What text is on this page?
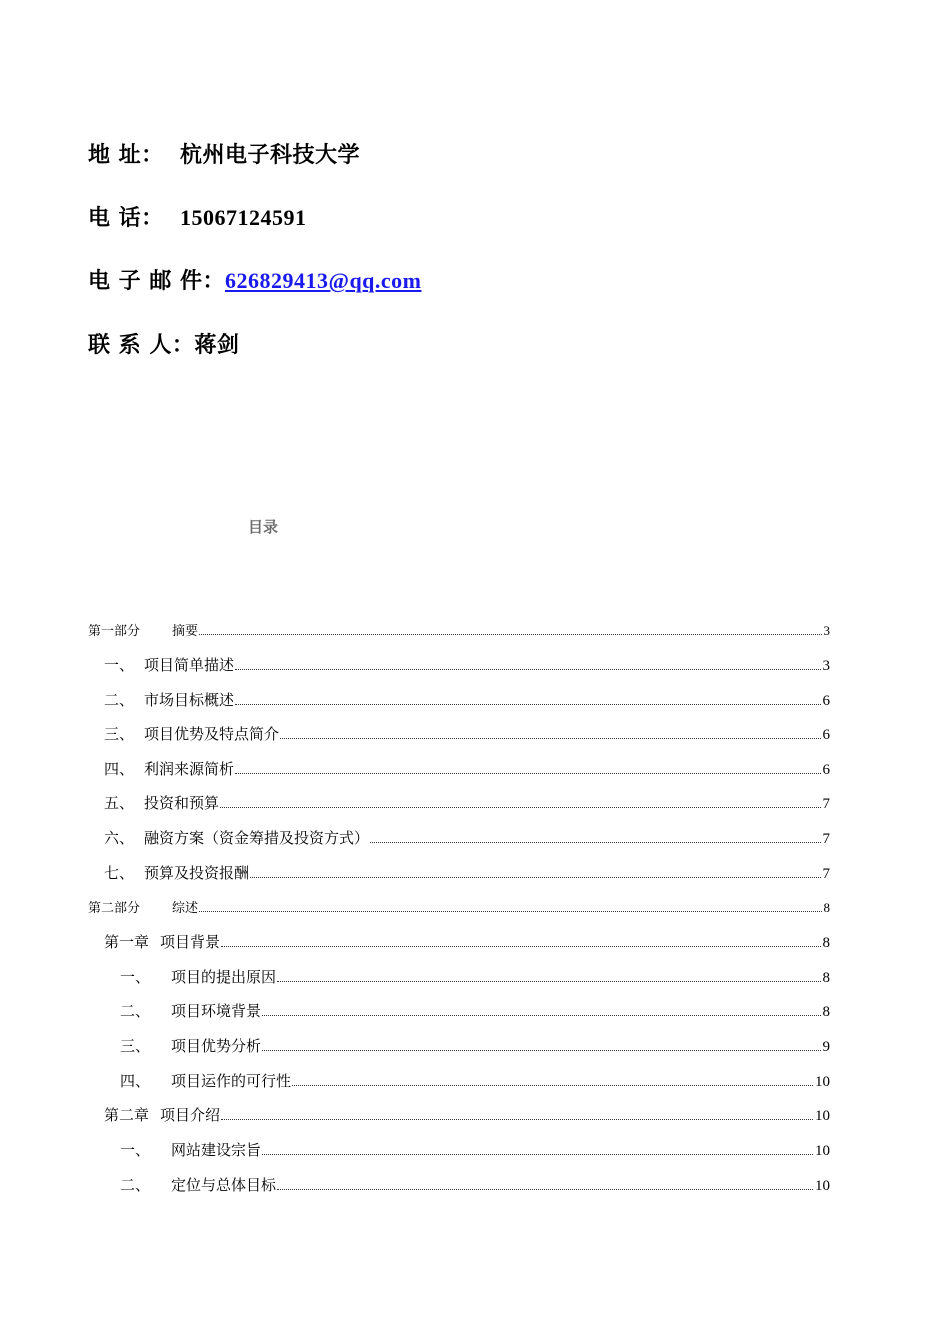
地 址： 杭州电子科技大学
电 话： 15067124591
电 子 邮 件：626829413@qq.com
联 系 人：蒋剑
目录
第一部分	摘要	3
一、 项目简单描述	3
二、 市场目标概述	6
三、 项目优势及特点简介	6
四、 利润来源简析	6
五、 投资和预算	7
六、 融资方案（资金筹措及投资方式）	7
七、 预算及投资报酬	7
第二部分	综述	8
第一章 项目背景	8
一、	项目的提出原因	8
二、	项目环境背景	8
三、	项目优势分析	9
四、	项目运作的可行性	10
第二章 项目介绍	10
一、	网站建设宗旨	10
二、	定位与总体目标	10
